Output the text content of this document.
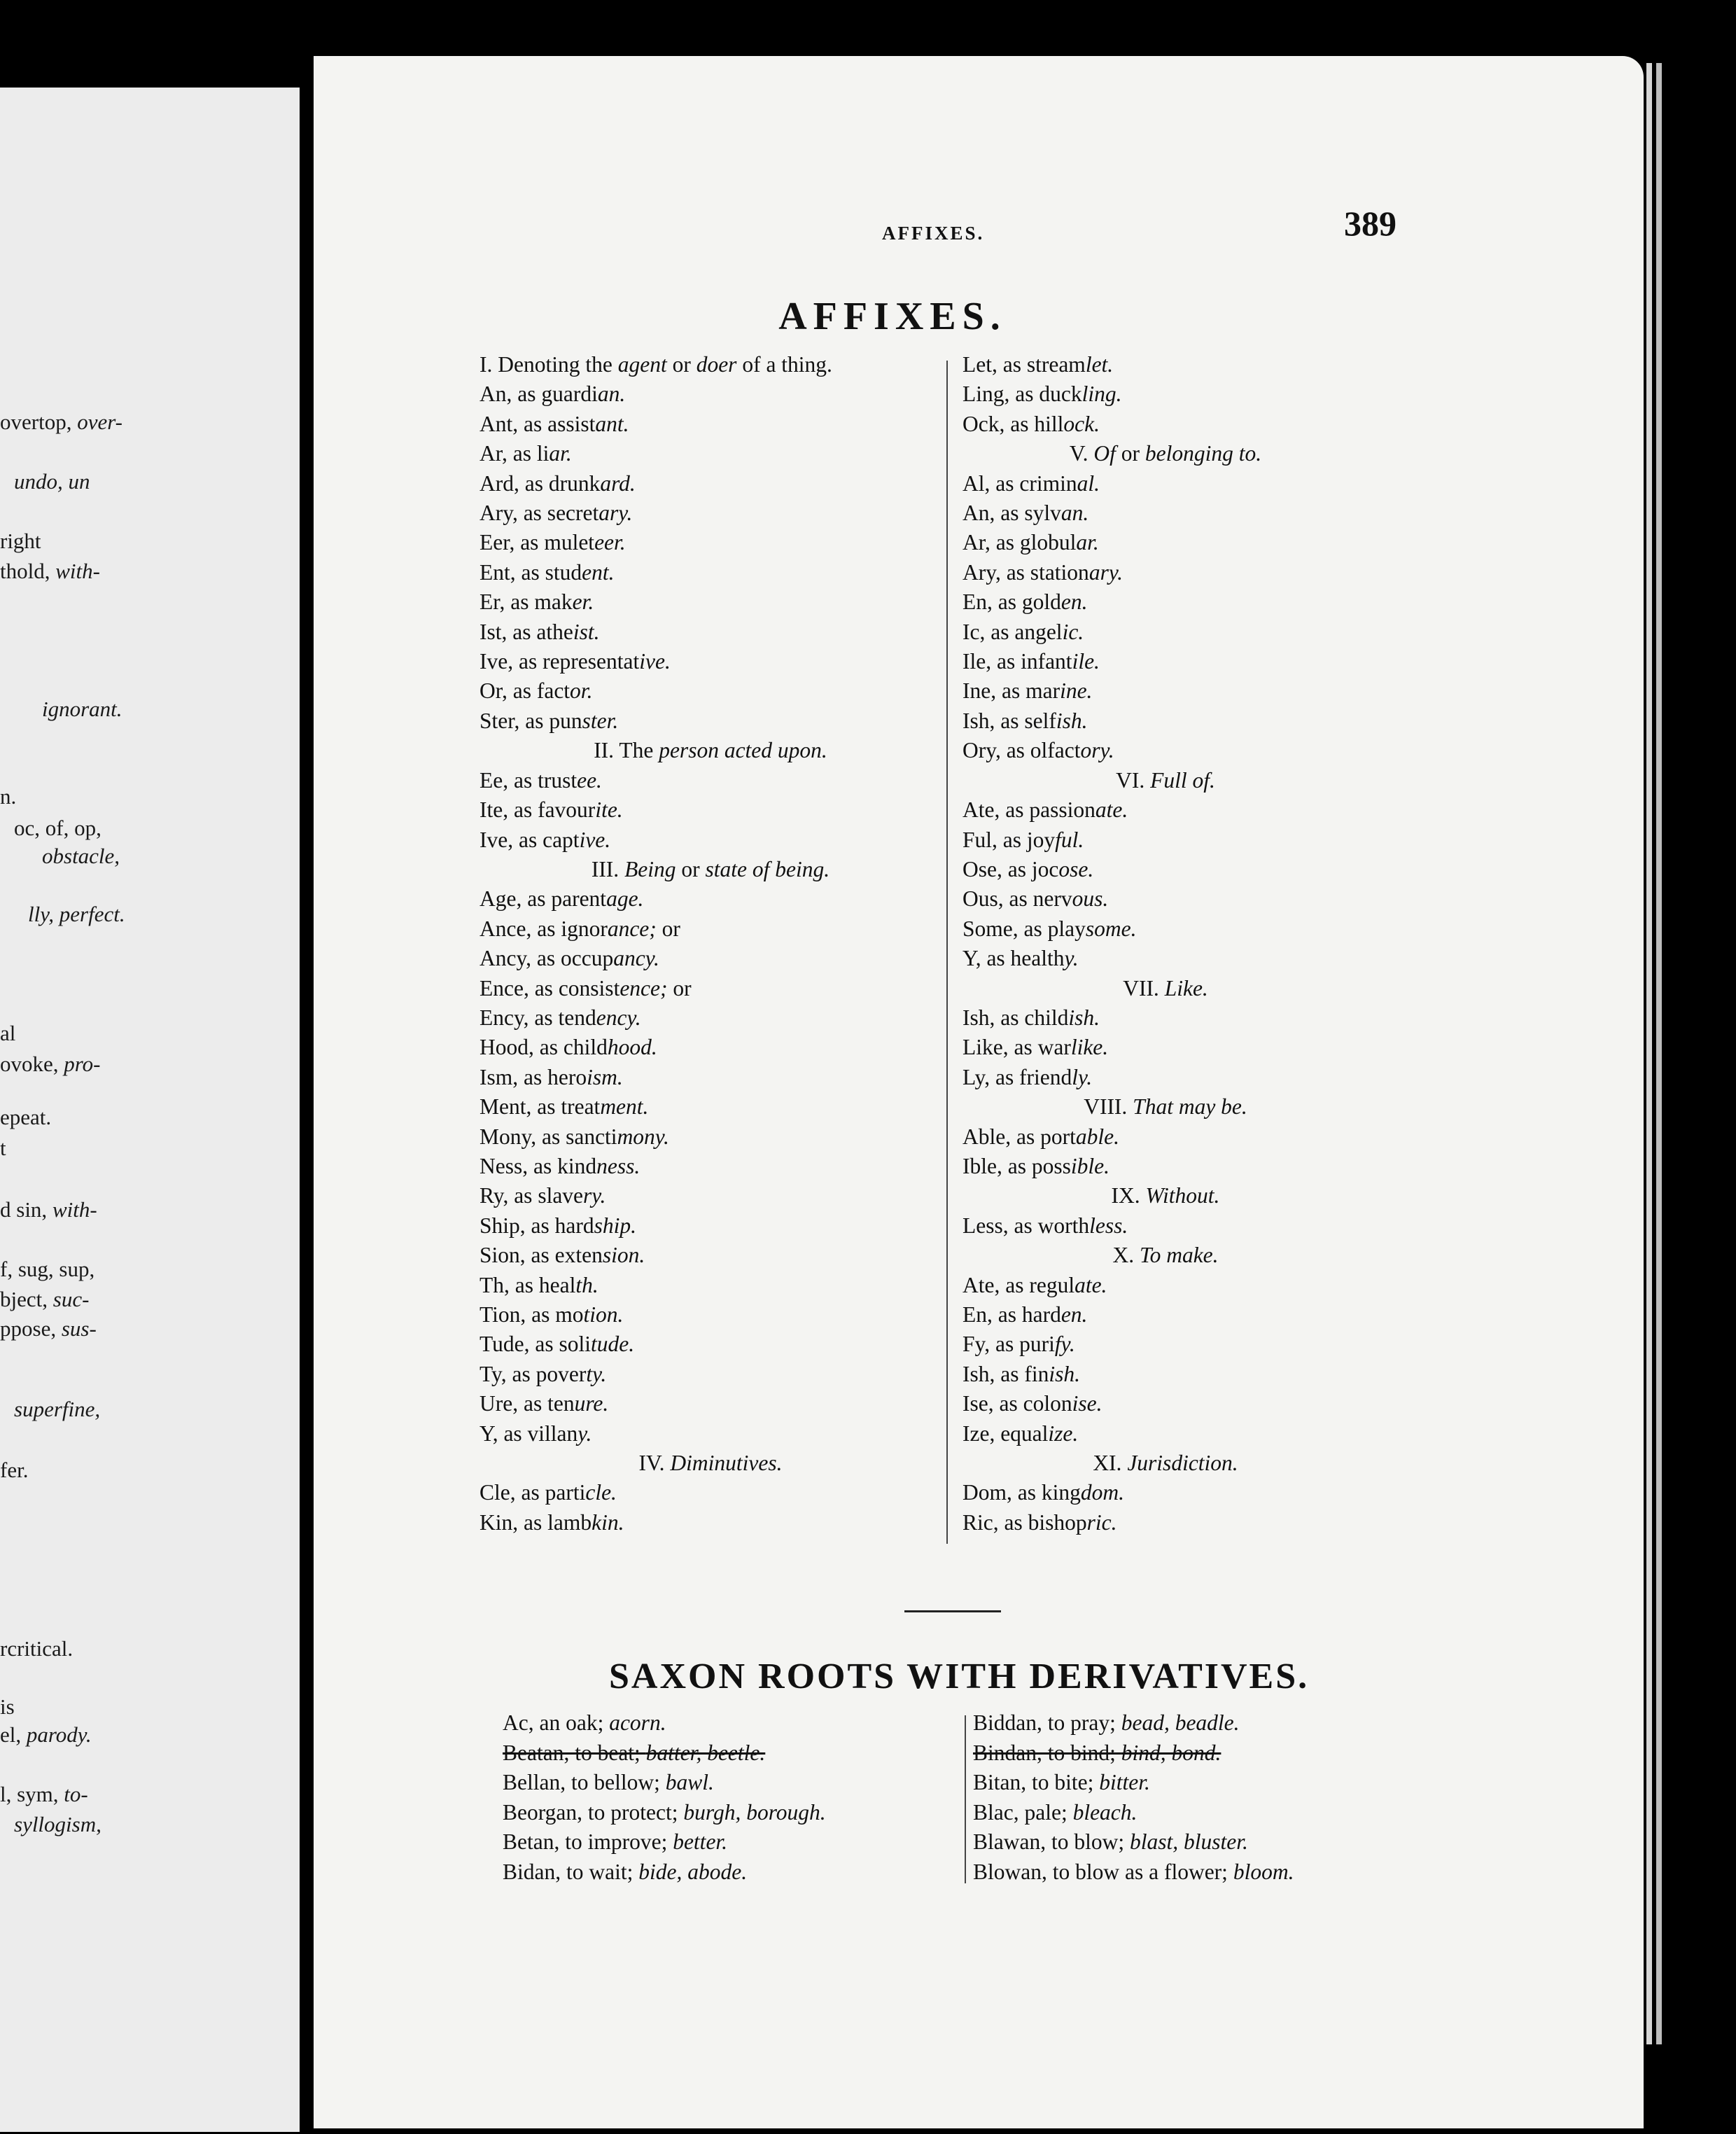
overtop, over-
undo, un
right
thold, with-
ignorant.
n.
oc, of, op,
obstacle,
lly, perfect.
al
ovoke, pro-
epeat.
t
d sin, with-
f, sug, sup,
bject, suc-
ppose, sus-
superfine,
fer.
rcritical.
is
el, parody.
l, sym, to-
syllogism,
AFFIXES.	389
AFFIXES.
I. Denoting the agent or doer of a thing.
An, as guardian.
Ant, as assistant.
Ar, as liar.
Ard, as drunkard.
Ary, as secretary.
Eer, as muleteer.
Ent, as student.
Er, as maker.
Ist, as atheist.
Ive, as representative.
Or, as factor.
Ster, as punster.
II. The person acted upon.
Ee, as trustee.
Ite, as favourite.
Ive, as captive.
III. Being or state of being.
Age, as parentage.
Ance, as ignorance; or
Ancy, as occupancy.
Ence, as consistence; or
Ency, as tendency.
Hood, as childhood.
Ism, as heroism.
Ment, as treatment.
Mony, as sanctimony.
Ness, as kindness.
Ry, as slavery.
Ship, as hardship.
Sion, as extension.
Th, as health.
Tion, as motion.
Tude, as solitude.
Ty, as poverty.
Ure, as tenure.
Y, as villany.
IV. Diminutives.
Cle, as particle.
Kin, as lambkin.
Let, as streamlet.
Ling, as duckling.
Ock, as hillock.
V. Of or belonging to.
Al, as criminal.
An, as sylvan.
Ar, as globular.
Ary, as stationary.
En, as golden.
Ic, as angelic.
Ile, as infantile.
Ine, as marine.
Ish, as selfish.
Ory, as olfactory.
VI. Full of.
Ate, as passionate.
Ful, as joyful.
Ose, as jocose.
Ous, as nervous.
Some, as playsome.
Y, as healthy.
VII. Like.
Ish, as childish.
Like, as warlike.
Ly, as friendly.
VIII. That may be.
Able, as portable.
Ible, as possible.
IX. Without.
Less, as worthless.
X. To make.
Ate, as regulate.
En, as harden.
Fy, as purify.
Ish, as finish.
Ise, as colonise.
Ize, equalize.
XI. Jurisdiction.
Dom, as kingdom.
Ric, as bishopric.
SAXON ROOTS WITH DERIVATIVES.
Ac, an oak; acorn.
Beatan, to beat; batter, beetle.
Bellan, to bellow; bawl.
Beorgan, to protect; burgh, borough.
Betan, to improve; better.
Bidan, to wait; bide, abode.
Biddan, to pray; bead, beadle.
Bindan, to bind; bind, bond.
Bitan, to bite; bitter.
Blac, pale; bleach.
Blawan, to blow; blast, bluster.
Blowan, to blow as a flower; bloom.
